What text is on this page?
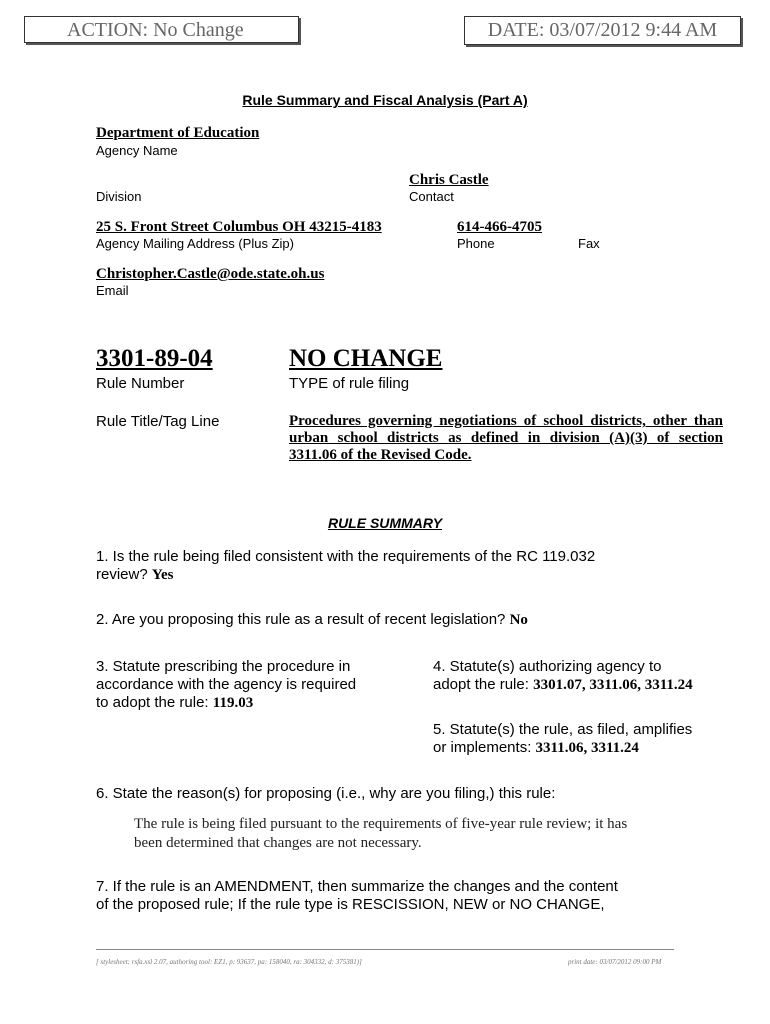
ACTION: No Change	DATE: 03/07/2012 9:44 AM
Rule Summary and Fiscal Analysis (Part A)
Department of Education
Agency Name
Chris Castle
Division	Contact
25 S. Front Street Columbus OH 43215-4183	614-466-4705
Agency Mailing Address (Plus Zip)	Phone	Fax
Christopher.Castle@ode.state.oh.us
Email
3301-89-04	NO CHANGE
Rule Number	TYPE of rule filing
Rule Title/Tag Line	Procedures governing negotiations of school districts, other than urban school districts as defined in division (A)(3) of section 3311.06 of the Revised Code.
RULE SUMMARY
1. Is the rule being filed consistent with the requirements of the RC 119.032
review? Yes
2. Are you proposing this rule as a result of recent legislation? No
3. Statute prescribing the procedure in
accordance with the agency is required
to adopt the rule: 119.03
4. Statute(s) authorizing agency to
adopt the rule: 3301.07, 3311.06, 3311.24
5. Statute(s) the rule, as filed, amplifies
or implements: 3311.06, 3311.24
6. State the reason(s) for proposing (i.e., why are you filing,) this rule:
The rule is being filed pursuant to the requirements of five-year rule review; it has
been determined that changes are not necessary.
7. If the rule is an AMENDMENT, then summarize the changes and the content
of the proposed rule; If the rule type is RESCISSION, NEW or NO CHANGE,
[ stylesheet: rsfa.xsl 2.07, authoring tool: EZ1, p: 93637, pa: 158040, ra: 304332, d: 375381)]	print date: 03/07/2012 09:00 PM
